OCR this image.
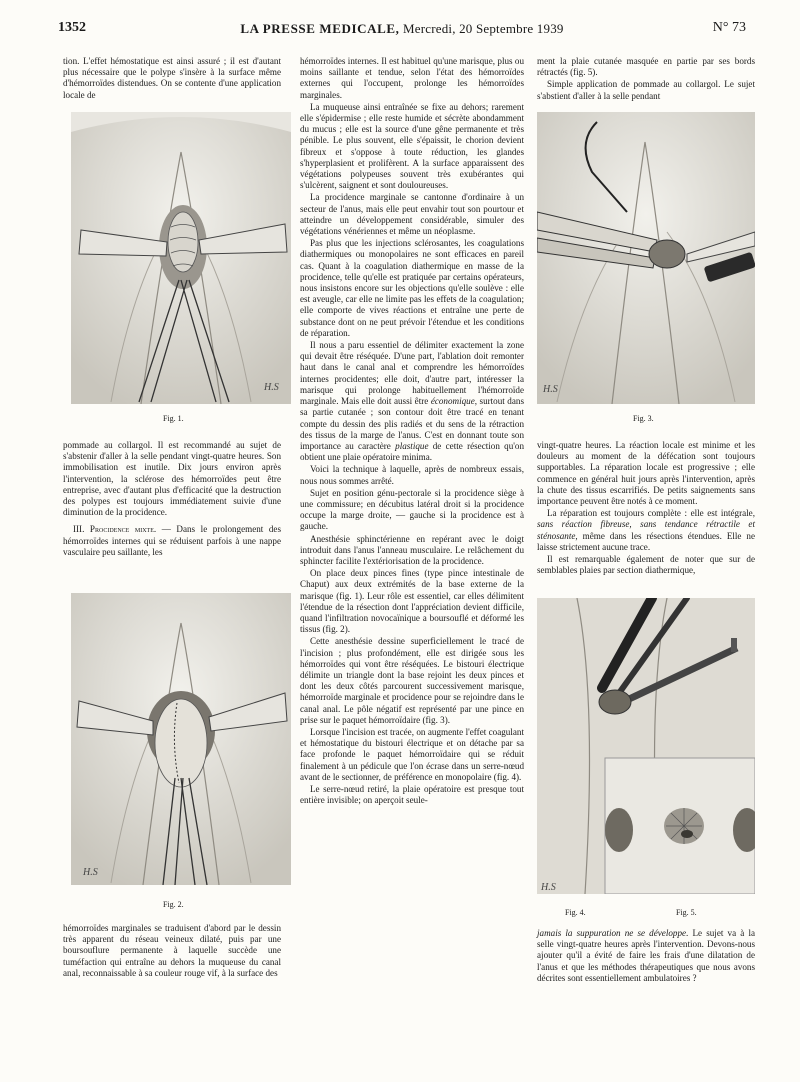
1352	LA PRESSE MEDICALE, Mercredi, 20 Septembre 1939	N° 73

tion. L'effet hémostatique est ainsi assuré ; il est d'autant plus nécessaire que le polype s'insère à la surface même d'hémorroïdes distendues. On se contente d'une application locale de

H.S
Fig. 1.

pommade au collargol. Il est recommandé au sujet de s'abstenir d'aller à la selle pendant vingt-quatre heures. Son immobilisation est inutile. Dix jours environ après l'intervention, la sclérose des hémorroïdes peut être entreprise, avec d'autant plus d'efficacité que la destruction des polypes est toujours immédiatement suivie d'une diminution de la procidence.

III. Procidence mixte. — Dans le prolongement des hémorroïdes internes qui se réduisent parfois à une nappe vasculaire peu saillante, les

H.S
Fig. 2.

hémorroïdes marginales se traduisent d'abord par le dessin très apparent du réseau veineux dilaté, puis par une boursouflure permanente à laquelle succède une tuméfaction qui entraîne au dehors la muqueuse du canal anal, reconnaissable à sa couleur rouge vif, à la surface des

hémorroïdes internes. Il est habituel qu'une marisque, plus ou moins saillante et tendue, selon l'état des hémorroïdes externes qui l'occupent, prolonge les hémorroïdes marginales.

La muqueuse ainsi entraînée se fixe au dehors; rarement elle s'épidermise ; elle reste humide et sécrète abondamment du mucus ; elle est la source d'une gêne permanente et très pénible. Le plus souvent, elle s'épaissit, le chorion devient fibreux et s'oppose à toute réduction, les glandes s'hyperplasient et prolifèrent. A la surface apparaissent des végétations polypeuses souvent très exubérantes qui s'ulcèrent, saignent et sont douloureuses.

La procidence marginale se cantonne d'ordinaire à un secteur de l'anus, mais elle peut envahir tout son pourtour et atteindre un développement considérable, simuler des végétations vénériennes et même un néoplasme.

Pas plus que les injections sclérosantes, les coagulations diathermiques ou monopolaires ne sont efficaces en pareil cas. Quant à la coagulation diathermique en masse de la procidence, telle qu'elle est pratiquée par certains opérateurs, nous insistons encore sur les objections qu'elle soulève : elle est aveugle, car elle ne limite pas les effets de la coagulation; elle comporte de vives réactions et entraîne une perte de substance dont on ne peut prévoir l'étendue et les conditions de réparation.

Il nous a paru essentiel de délimiter exactement la zone qui devait être réséquée. D'une part, l'ablation doit remonter haut dans le canal anal et comprendre les hémorroïdes internes procidentes; elle doit, d'autre part, intéresser la marisque qui prolonge habituellement l'hémorroïde marginale. Mais elle doit aussi être économique, surtout dans sa partie cutanée ; son contour doit être tracé en tenant compte du dessin des plis radiés et du sens de la rétraction des tissus de la marge de l'anus. C'est en donnant toute son importance au caractère plastique de cette résection qu'on obtient une plaie opératoire minima.

Voici la technique à laquelle, après de nombreux essais, nous nous sommes arrêté.

Sujet en position génu-pectorale si la procidence siège à une commissure; en décubitus latéral droit si la procidence occupe la marge droite, — gauche si la procidence est à gauche.

Anesthésie sphinctérienne en repérant avec le doigt introduit dans l'anus l'anneau musculaire. Le relâchement du sphincter facilite l'extériorisation de la procidence.

On place deux pinces fines (type pince intestinale de Chaput) aux deux extrémités de la base externe de la marisque (fig. 1). Leur rôle est essentiel, car elles délimitent l'étendue de la résection dont l'appréciation devient difficile, quand l'infiltration novocaïnique a boursouflé et déformé les tissus (fig. 2).

Cette anesthésie dessine superficiellement le tracé de l'incision ; plus profondément, elle est dirigée sous les hémorroïdes qui vont être réséquées. Le bistouri électrique délimite un triangle dont la base rejoint les deux pinces et dont les deux côtés parcourent successivement marisque, hémorroïde marginale et procidence pour se rejoindre dans le canal anal. Le pôle négatif est représenté par une pince en prise sur le paquet hémorroïdaire (fig. 3).

Lorsque l'incision est tracée, on augmente l'effet coagulant et hémostatique du bistouri électrique et on détache par sa face profonde le paquet hémorroïdaire qui se réduit finalement à un pédicule que l'on écrase dans un serre-nœud avant de le sectionner, de préférence en monopolaire (fig. 4).

Le serre-nœud retiré, la plaie opératoire est presque tout entière invisible; on aperçoit seule-

ment la plaie cutanée masquée en partie par ses bords rétractés (fig. 5).

Simple application de pommade au collargol. Le sujet s'abstient d'aller à la selle pendant

H.S
Fig. 3.

vingt-quatre heures. La réaction locale est minime et les douleurs au moment de la défécation sont toujours supportables. La réparation locale est progressive ; elle commence en général huit jours après l'intervention, après la chute des tissus escarrifiés. De petits saignements sans importance peuvent être notés à ce moment.

La réparation est toujours complète : elle est intégrale, sans réaction fibreuse, sans tendance rétractile et sténosante, même dans les résections étendues. Elle ne laisse strictement aucune trace.

Il est remarquable également de noter que sur de semblables plaies par section diathermique,

H.S
Fig. 4.	Fig. 5.

jamais la suppuration ne se développe. Le sujet va à la selle vingt-quatre heures après l'intervention. Devons-nous ajouter qu'il a évité de faire les frais d'une dilatation de l'anus et que les méthodes thérapeutiques que nous avons décrites sont essentiellement ambulatoires ?
